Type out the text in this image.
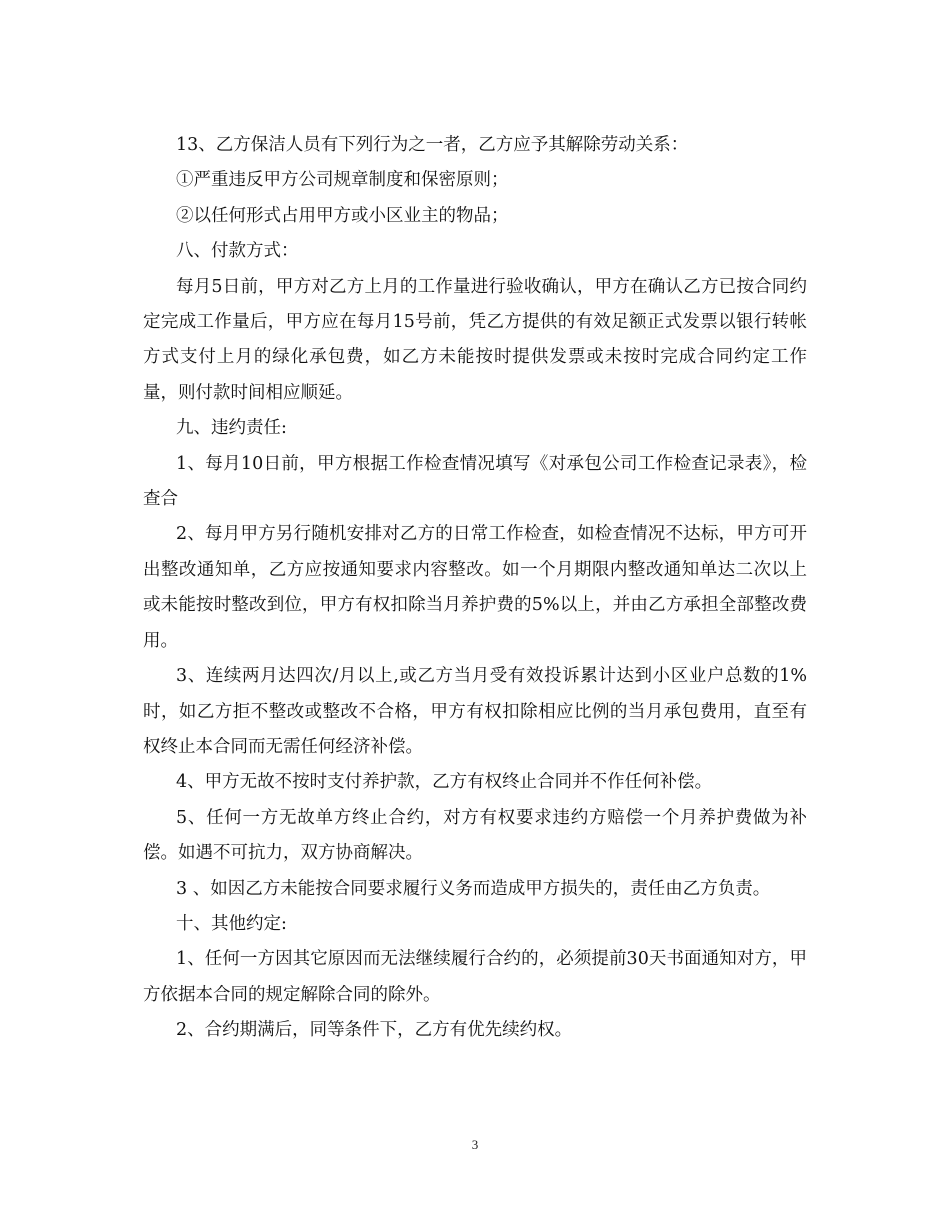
13、乙方保洁人员有下列行为之一者，乙方应予其解除劳动关系：

①严重违反甲方公司规章制度和保密原则；

②以任何形式占用甲方或小区业主的物品；

八、付款方式：

每月5日前，甲方对乙方上月的工作量进行验收确认，甲方在确认乙方已按合同约定完成工作量后，甲方应在每月15号前，凭乙方提供的有效足额正式发票以银行转帐方式支付上月的绿化承包费，如乙方未能按时提供发票或未按时完成合同约定工作量，则付款时间相应顺延。

九、违约责任:

1、每月10日前，甲方根据工作检查情况填写《对承包公司工作检查记录表》，检查合

2、每月甲方另行随机安排对乙方的日常工作检查，如检查情况不达标，甲方可开出整改通知单，乙方应按通知要求内容整改。如一个月期限内整改通知单达二次以上或未能按时整改到位，甲方有权扣除当月养护费的5%以上，并由乙方承担全部整改费用。

3、连续两月达四次/月以上,或乙方当月受有效投诉累计达到小区业户总数的1%时，如乙方拒不整改或整改不合格，甲方有权扣除相应比例的当月承包费用，直至有权终止本合同而无需任何经济补偿。

4、甲方无故不按时支付养护款，乙方有权终止合同并不作任何补偿。

5、任何一方无故单方终止合约，对方有权要求违约方赔偿一个月养护费做为补偿。如遇不可抗力，双方协商解决。

3 、如因乙方未能按合同要求履行义务而造成甲方损失的，责任由乙方负责。

十、其他约定:

1、任何一方因其它原因而无法继续履行合约的，必须提前30天书面通知对方，甲方依据本合同的规定解除合同的除外。

2、合约期满后，同等条件下，乙方有优先续约权。

3
